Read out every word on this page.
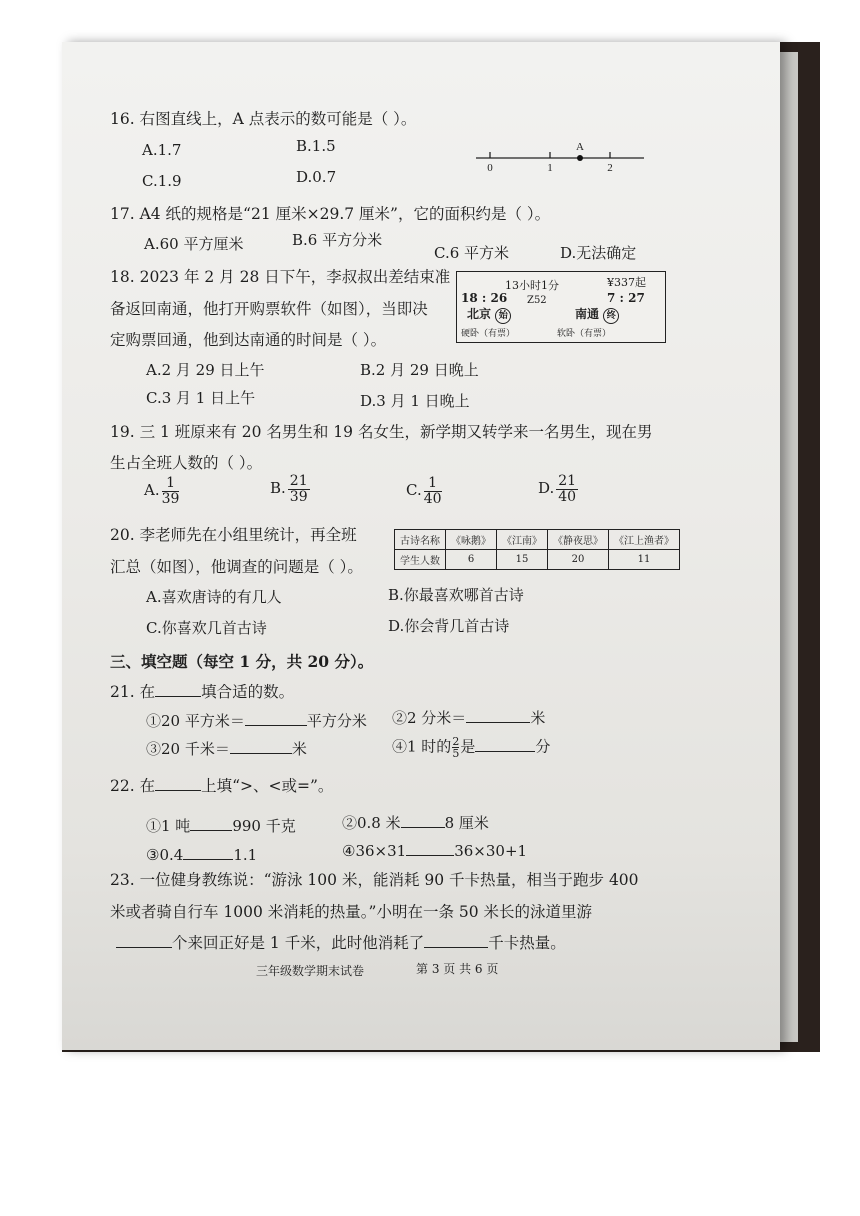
16. 右图直线上，A 点表示的数可能是（ ）。
A.1.7	B.1.5
C.1.9	D.0.7
A
0	1	2
17. A4 纸的规格是“21 厘米×29.7 厘米”，它的面积约是（ ）。
A.60 平方厘米	B.6 平方分米
C.6 平方米	D.无法确定
18. 2023 年 2 月 28 日下午，李叔叔出差结束准
备返回南通，他打开购票软件（如图），当即决
定购票回通，他到达南通的时间是（ ）。
13小时1分	¥337起
18 : 26 Z52	7 : 27
北京 始	南通 终
硬卧（有票）	软卧（有票）
A.2 月 29 日上午	B.2 月 29 日晚上
C.3 月 1 日上午	D.3 月 1 日晚上
19. 三 1 班原来有 20 名男生和 19 名女生，新学期又转学来一名男生，现在男
生占全班人数的（ ）。
A. $\frac{1}{39}$	B. $\frac{21}{39}$	C. $\frac{1}{40}$	D. $\frac{21}{40}$
20. 李老师先在小组里统计，再全班
汇总（如图），他调查的问题是（ ）。
古诗名称	《咏鹅》	《江南》	《静夜思》	《江上渔者》
学生人数	6	15	20	11
A.喜欢唐诗的有几人	B.你最喜欢哪首古诗
C.你喜欢几首古诗	D.你会背几首古诗
三、填空题（每空 1 分，共 20 分）。
21. 在	填合适的数。
①20 平方米＝	平方分米 ②2 分米＝	米
③20 千米＝	米	④1 时的 $\frac{2}{5}$ 是	分
22. 在	上填“>、<或=”。
①1 吨	990 千克	②0.8 米	8 厘米
③0.4	1.1	④36×31	36×30+1
23. 一位健身教练说：“游泳 100 米，能消耗 90 千卡热量，相当于跑步 400
米或者骑自行车 1000 米消耗的热量。”小明在一条 50 米长的泳道里游
个来回正好是 1 千米，此时他消耗了	千卡热量。
三年级数学期末试卷	第 3 页 共 6 页
